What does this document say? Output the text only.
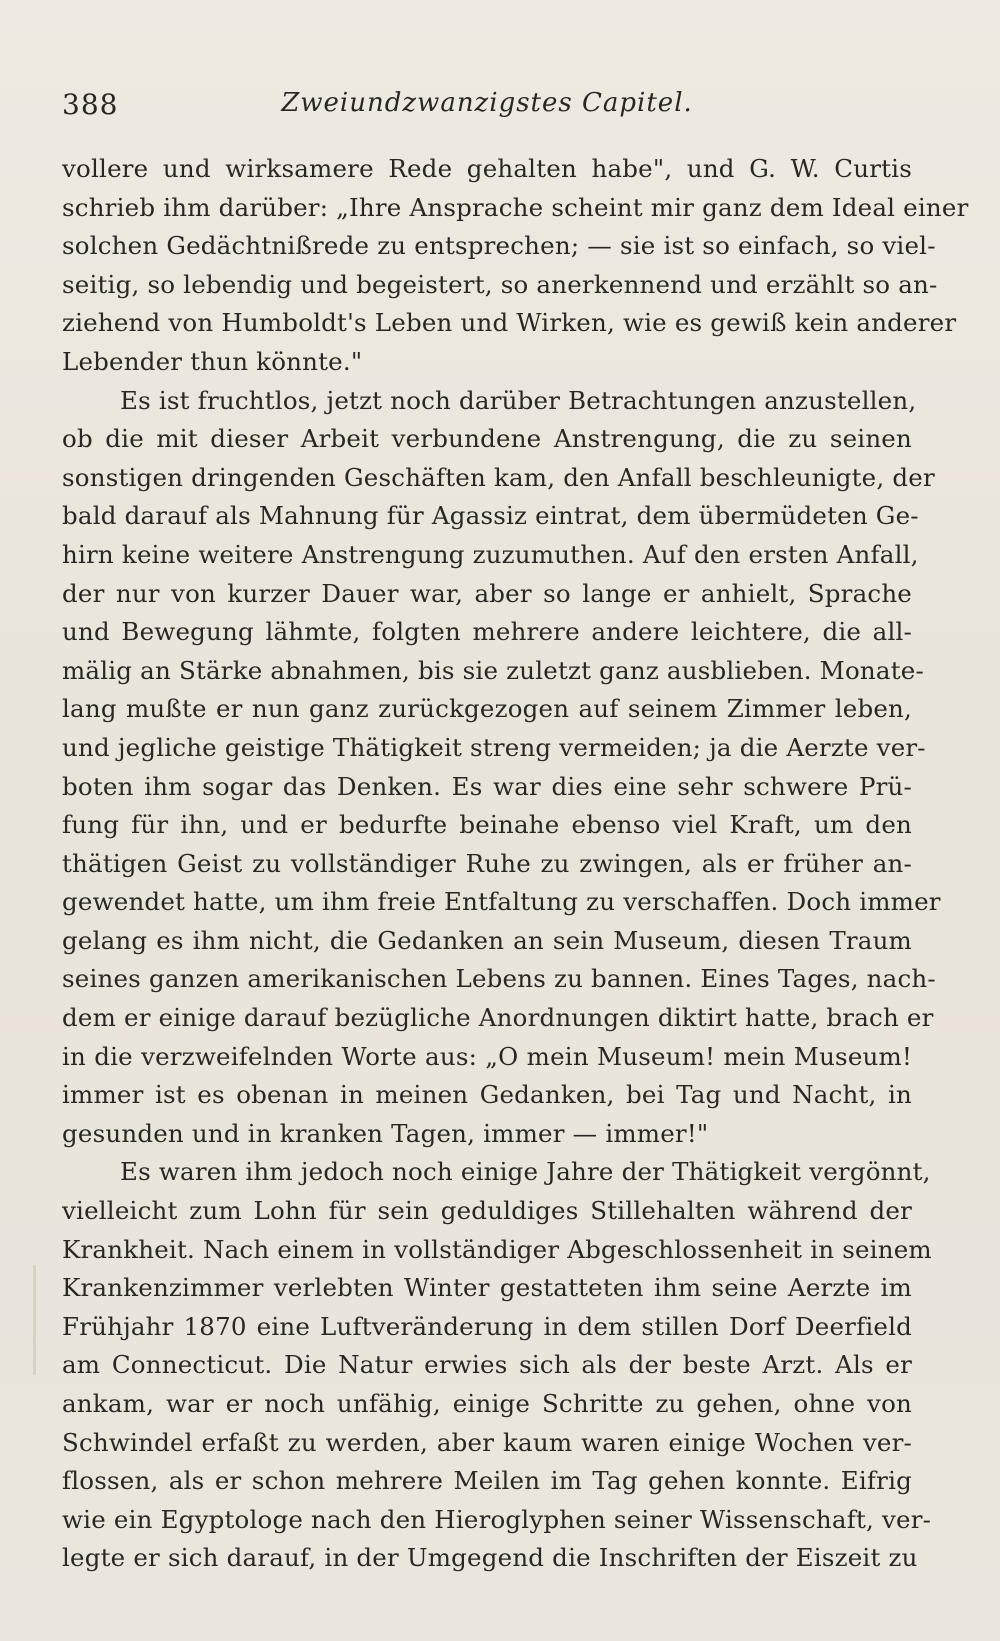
388	Zweiundzwanzigstes Capitel.
vollere und wirksamere Rede gehalten habe", und G. W. Curtis
schrieb ihm darüber: „Ihre Ansprache scheint mir ganz dem Ideal einer
solchen Gedächtnißrede zu entsprechen; — sie ist so einfach, so viel-
seitig, so lebendig und begeistert, so anerkennend und erzählt so an-
ziehend von Humboldt's Leben und Wirken, wie es gewiß kein anderer
Lebender thun könnte."
Es ist fruchtlos, jetzt noch darüber Betrachtungen anzustellen,
ob die mit dieser Arbeit verbundene Anstrengung, die zu seinen
sonstigen dringenden Geschäften kam, den Anfall beschleunigte, der
bald darauf als Mahnung für Agassiz eintrat, dem übermüdeten Ge-
hirn keine weitere Anstrengung zuzumuthen. Auf den ersten Anfall,
der nur von kurzer Dauer war, aber so lange er anhielt, Sprache
und Bewegung lähmte, folgten mehrere andere leichtere, die all-
mälig an Stärke abnahmen, bis sie zuletzt ganz ausblieben. Monate-
lang mußte er nun ganz zurückgezogen auf seinem Zimmer leben,
und jegliche geistige Thätigkeit streng vermeiden; ja die Aerzte ver-
boten ihm sogar das Denken. Es war dies eine sehr schwere Prü-
fung für ihn, und er bedurfte beinahe ebenso viel Kraft, um den
thätigen Geist zu vollständiger Ruhe zu zwingen, als er früher an-
gewendet hatte, um ihm freie Entfaltung zu verschaffen. Doch immer
gelang es ihm nicht, die Gedanken an sein Museum, diesen Traum
seines ganzen amerikanischen Lebens zu bannen. Eines Tages, nach-
dem er einige darauf bezügliche Anordnungen diktirt hatte, brach er
in die verzweifelnden Worte aus: „O mein Museum! mein Museum!
immer ist es obenan in meinen Gedanken, bei Tag und Nacht, in
gesunden und in kranken Tagen, immer — immer!"
Es waren ihm jedoch noch einige Jahre der Thätigkeit vergönnt,
vielleicht zum Lohn für sein geduldiges Stillehalten während der
Krankheit. Nach einem in vollständiger Abgeschlossenheit in seinem
Krankenzimmer verlebten Winter gestatteten ihm seine Aerzte im
Frühjahr 1870 eine Luftveränderung in dem stillen Dorf Deerfield
am Connecticut. Die Natur erwies sich als der beste Arzt. Als er
ankam, war er noch unfähig, einige Schritte zu gehen, ohne von
Schwindel erfaßt zu werden, aber kaum waren einige Wochen ver-
flossen, als er schon mehrere Meilen im Tag gehen konnte. Eifrig
wie ein Egyptologe nach den Hieroglyphen seiner Wissenschaft, ver-
legte er sich darauf, in der Umgegend die Inschriften der Eiszeit zu
